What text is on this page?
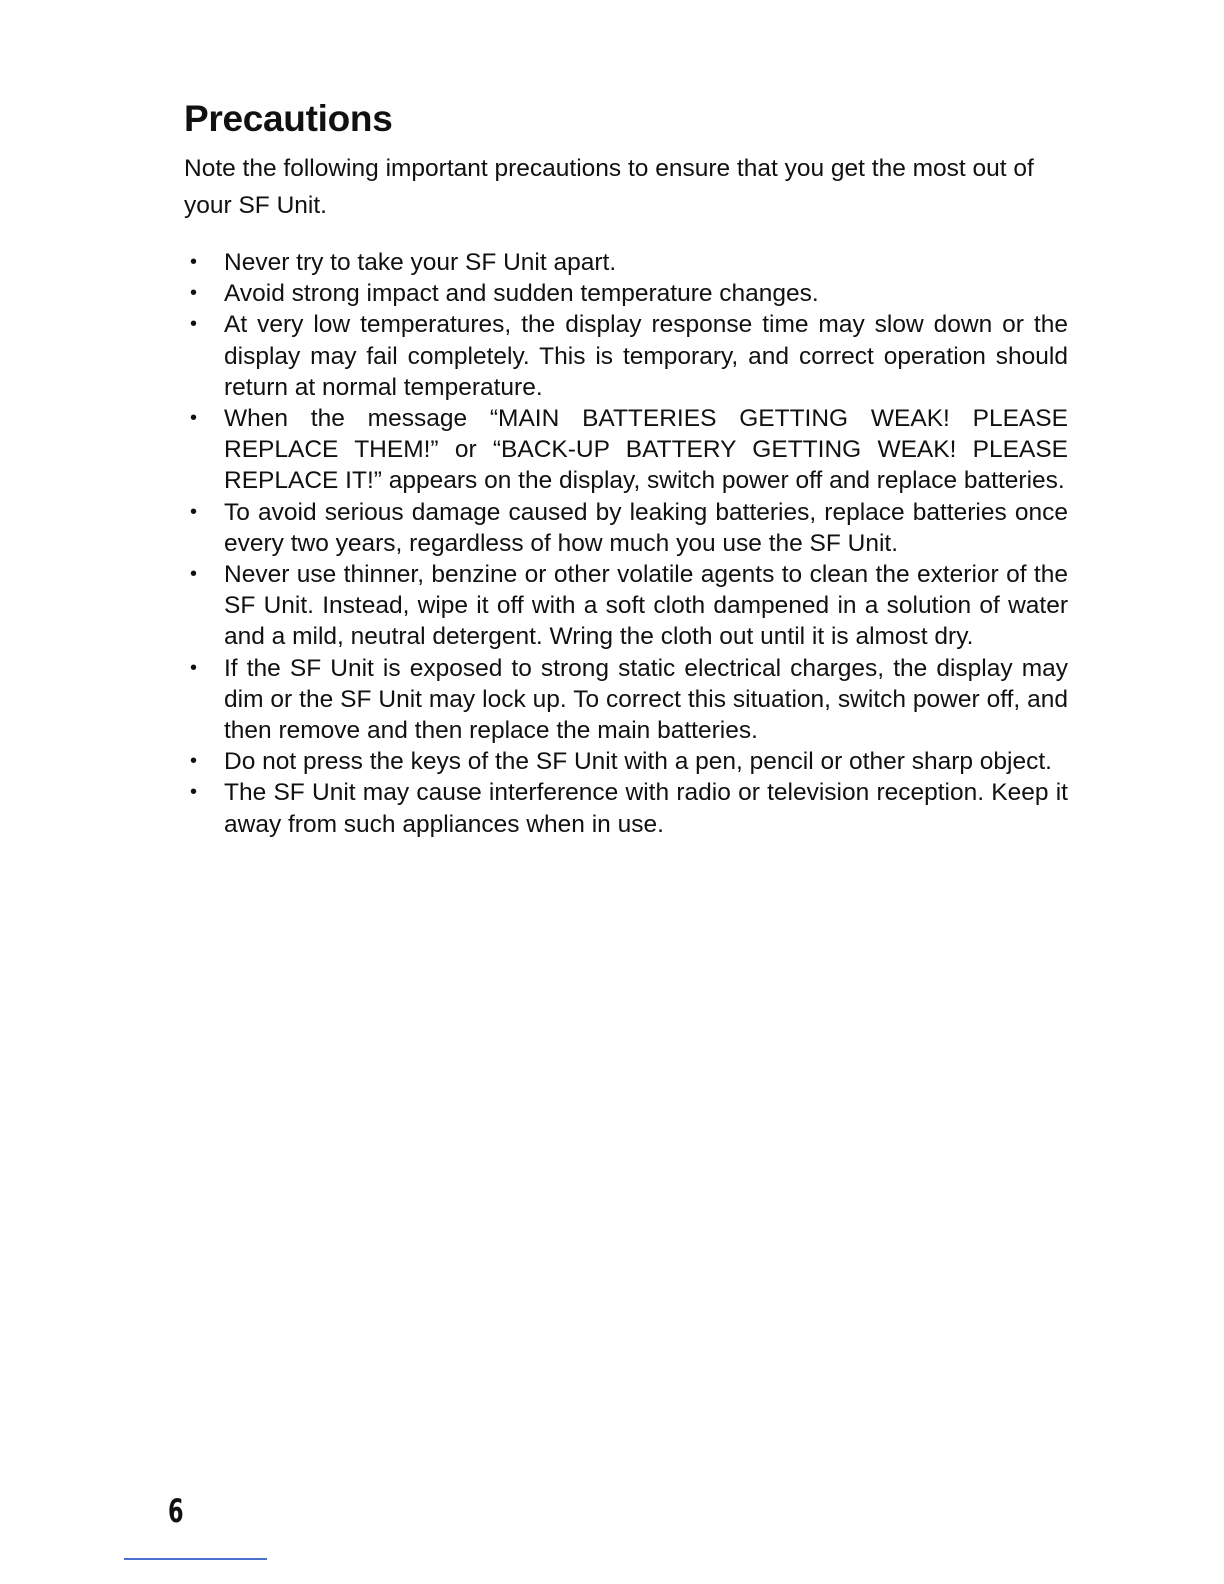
Precautions

Note the following important precautions to ensure that you get the most out of your SF Unit.

• Never try to take your SF Unit apart.
• Avoid strong impact and sudden temperature changes.
• At very low temperatures, the display response time may slow down or the display may fail completely. This is temporary, and correct operation should return at normal temperature.
• When the message “MAIN BATTERIES GETTING WEAK! PLEASE REPLACE THEM!” or “BACK-UP BATTERY GETTING WEAK! PLEASE REPLACE IT!” appears on the display, switch power off and replace batteries.
• To avoid serious damage caused by leaking batteries, replace batteries once every two years, regardless of how much you use the SF Unit.
• Never use thinner, benzine or other volatile agents to clean the exterior of the SF Unit. Instead, wipe it off with a soft cloth dampened in a solution of water and a mild, neutral detergent. Wring the cloth out until it is almost dry.
• If the SF Unit is exposed to strong static electrical charges, the display may dim or the SF Unit may lock up. To correct this situation, switch power off, and then remove and then replace the main batteries.
• Do not press the keys of the SF Unit with a pen, pencil or other sharp object.
• The SF Unit may cause interference with radio or television reception. Keep it away from such appliances when in use.
6
